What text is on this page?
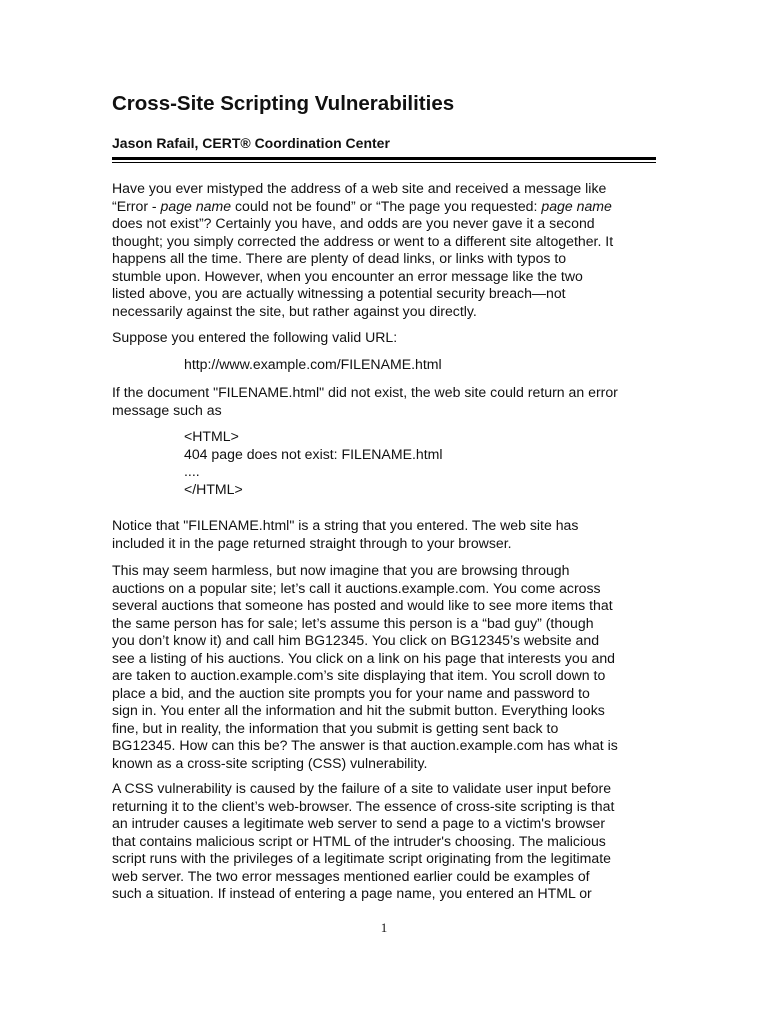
Cross-Site Scripting Vulnerabilities
Jason Rafail, CERT® Coordination Center
Have you ever mistyped the address of a web site and received a message like
“Error - page name could not be found” or “The page you requested: page name
does not exist”? Certainly you have, and odds are you never gave it a second
thought; you simply corrected the address or went to a different site altogether. It
happens all the time. There are plenty of dead links, or links with typos to
stumble upon. However, when you encounter an error message like the two
listed above, you are actually witnessing a potential security breach—not
necessarily against the site, but rather against you directly.
Suppose you entered the following valid URL:
http://www.example.com/FILENAME.html
If the document "FILENAME.html" did not exist, the web site could return an error
message such as
<HTML>
404 page does not exist: FILENAME.html
....
</HTML>
Notice that "FILENAME.html" is a string that you entered. The web site has
included it in the page returned straight through to your browser.
This may seem harmless, but now imagine that you are browsing through
auctions on a popular site; let’s call it auctions.example.com. You come across
several auctions that someone has posted and would like to see more items that
the same person has for sale; let’s assume this person is a “bad guy” (though
you don’t know it) and call him BG12345. You click on BG12345’s website and
see a listing of his auctions. You click on a link on his page that interests you and
are taken to auction.example.com’s site displaying that item. You scroll down to
place a bid, and the auction site prompts you for your name and password to
sign in. You enter all the information and hit the submit button. Everything looks
fine, but in reality, the information that you submit is getting sent back to
BG12345. How can this be? The answer is that auction.example.com has what is
known as a cross-site scripting (CSS) vulnerability.
A CSS vulnerability is caused by the failure of a site to validate user input before
returning it to the client’s web-browser. The essence of cross-site scripting is that
an intruder causes a legitimate web server to send a page to a victim's browser
that contains malicious script or HTML of the intruder's choosing. The malicious
script runs with the privileges of a legitimate script originating from the legitimate
web server. The two error messages mentioned earlier could be examples of
such a situation. If instead of entering a page name, you entered an HTML or
1
